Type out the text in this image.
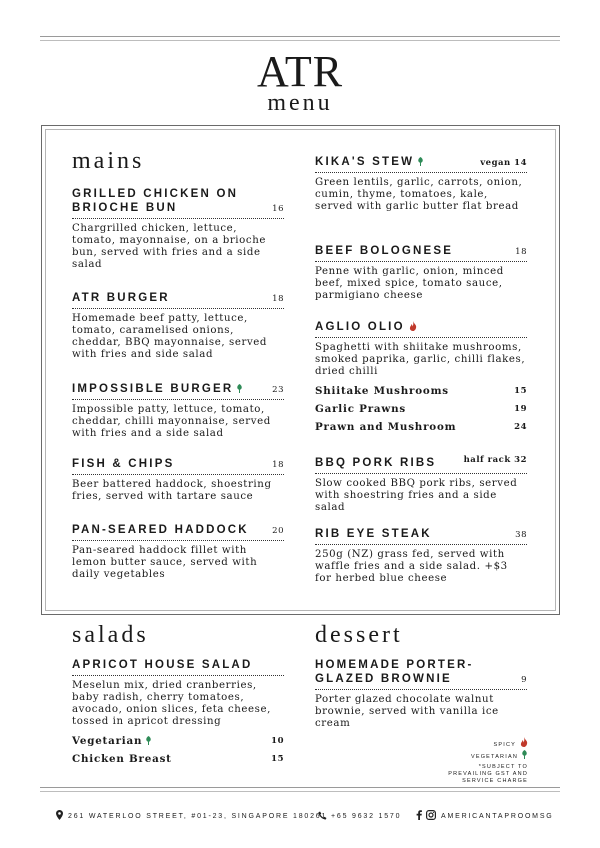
ATR
menu
mains
GRILLED CHICKEN ON BRIOCHE BUN	16
Chargrilled chicken, lettuce, tomato, mayonnaise, on a brioche bun, served with fries and a side salad
ATR BURGER	18
Homemade beef patty, lettuce, tomato, caramelised onions, cheddar, BBQ mayonnaise, served with fries and side salad
IMPOSSIBLE BURGER	23
Impossible patty, lettuce, tomato, cheddar, chilli mayonnaise, served with fries and a side salad
FISH & CHIPS	18
Beer battered haddock, shoestring fries, served with tartare sauce
PAN-SEARED HADDOCK	20
Pan-seared haddock fillet with lemon butter sauce, served with daily vegetables
KIKA'S STEW	vegan 14
Green lentils, garlic, carrots, onion, cumin, thyme, tomatoes, kale, served with garlic butter flat bread
BEEF BOLOGNESE	18
Penne with garlic, onion, minced beef, mixed spice, tomato sauce, parmigiano cheese
AGLIO OLIO
Spaghetti with shiitake mushrooms, smoked paprika, garlic, chilli flakes, dried chilli
Shiitake Mushrooms	15
Garlic Prawns	19
Prawn and Mushroom	24
BBQ PORK RIBS	half rack 32
Slow cooked BBQ pork ribs, served with shoestring fries and a side salad
RIB EYE STEAK	38
250g (NZ) grass fed, served with waffle fries and a side salad. +$3 for herbed blue cheese
salads
APRICOT HOUSE SALAD
Meselun mix, dried cranberries, baby radish, cherry tomatoes, avocado, onion slices, feta cheese, tossed in apricot dressing
Vegetarian	10
Chicken Breast	15
dessert
HOMEMADE PORTER-GLAZED BROWNIE	9
Porter glazed chocolate walnut brownie, served with vanilla ice cream
SPICY
VEGETARIAN
*SUBJECT TO PREVAILING GST AND SERVICE CHARGE
261 WATERLOO STREET, #01-23, SINGAPORE 180261 +65 9632 1570	AMERICANTAPROOMSG
